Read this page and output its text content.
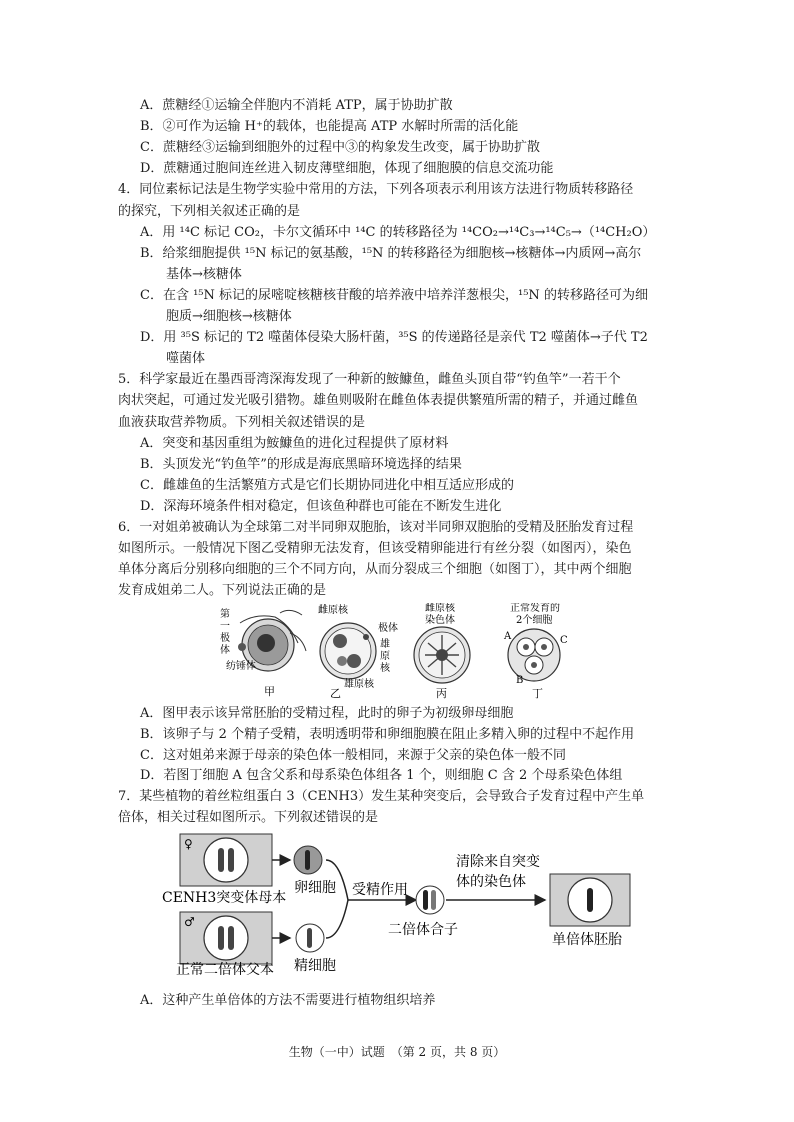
A．蔗糖经①运输全伴胞内不消耗 ATP，属于协助扩散
B．②可作为运输 H⁺的载体，也能提高 ATP 水解时所需的活化能
C．蔗糖经③运输到细胞外的过程中③的构象发生改变，属于协助扩散
D．蔗糖通过胞间连丝进入韧皮薄壁细胞，体现了细胞膜的信息交流功能
4．同位素标记法是生物学实验中常用的方法，下列各项表示利用该方法进行物质转移路径
的探究，下列相关叙述正确的是
A．用 ¹⁴C 标记 CO₂，卡尔文循环中 ¹⁴C 的转移路径为 ¹⁴CO₂→¹⁴C₃→¹⁴C₅→（¹⁴CH₂O）
B．给浆细胞提供 ¹⁵N 标记的氨基酸，¹⁵N 的转移路径为细胞核→核糖体→内质网→高尔
基体→核糖体
C．在含 ¹⁵N 标记的尿嘧啶核糖核苷酸的培养液中培养洋葱根尖，¹⁵N 的转移路径可为细
胞质→细胞核→核糖体
D．用 ³⁵S 标记的 T2 噬菌体侵染大肠杆菌，³⁵S 的传递路径是亲代 T2 噬菌体→子代 T2
噬菌体
5．科学家最近在墨西哥湾深海发现了一种新的鮟鱇鱼，雌鱼头顶自带“钓鱼竿”一若干个
肉状突起，可通过发光吸引猎物。雄鱼则吸附在雌鱼体表提供繁殖所需的精子，并通过雌鱼
血液获取营养物质。下列相关叙述错误的是
A．突变和基因重组为鮟鱇鱼的进化过程提供了原材料
B．头顶发光“钓鱼竿”的形成是海底黑暗环境选择的结果
C．雌雄鱼的生活繁殖方式是它们长期协同进化中相互适应形成的
D．深海环境条件相对稳定，但该鱼种群也可能在不断发生进化
6．一对姐弟被确认为全球第二对半同卵双胞胎，该对半同卵双胞胎的受精及胚胎发育过程
如图所示。一般情况下图乙受精卵无法发育，但该受精卵能进行有丝分裂（如图丙），染色
单体分离后分别移向细胞的三个不同方向，从而分裂成三个细胞（如图丁），其中两个细胞
发育成姐弟二人。下列说法正确的是
A．图甲表示该异常胚胎的受精过程，此时的卵子为初级卵母细胞
B．该卵子与 2 个精子受精，表明透明带和卵细胞膜在阻止多精入卵的过程中不起作用
C．这对姐弟来源于母亲的染色体一般相同，来源于父亲的染色体一般不同
D．若图丁细胞 A 包含父系和母系染色体组各 1 个，则细胞 C 含 2 个母系染色体组
7．某些植物的着丝粒组蛋白 3（CENH3）发生某种突变后，会导致合子发育过程中产生单
倍体，相关过程如图所示。下列叙述错误的是
A．这种产生单倍体的方法不需要进行植物组织培养
第
一
极
体
纺锤体
甲
雌原核
极体
雄
原
核
雄原核
乙
雌原核
染色体
丙
正常发育的
2个细胞
A	C
B
丁
♀
CENH3突变体母本
卵细胞
♂
正常二倍体父本 精细胞
受精作用
二倍体合子
清除来自突变
体的染色体
单倍体胚胎
生物（一中）试题　（第 2 页，共 8 页）
